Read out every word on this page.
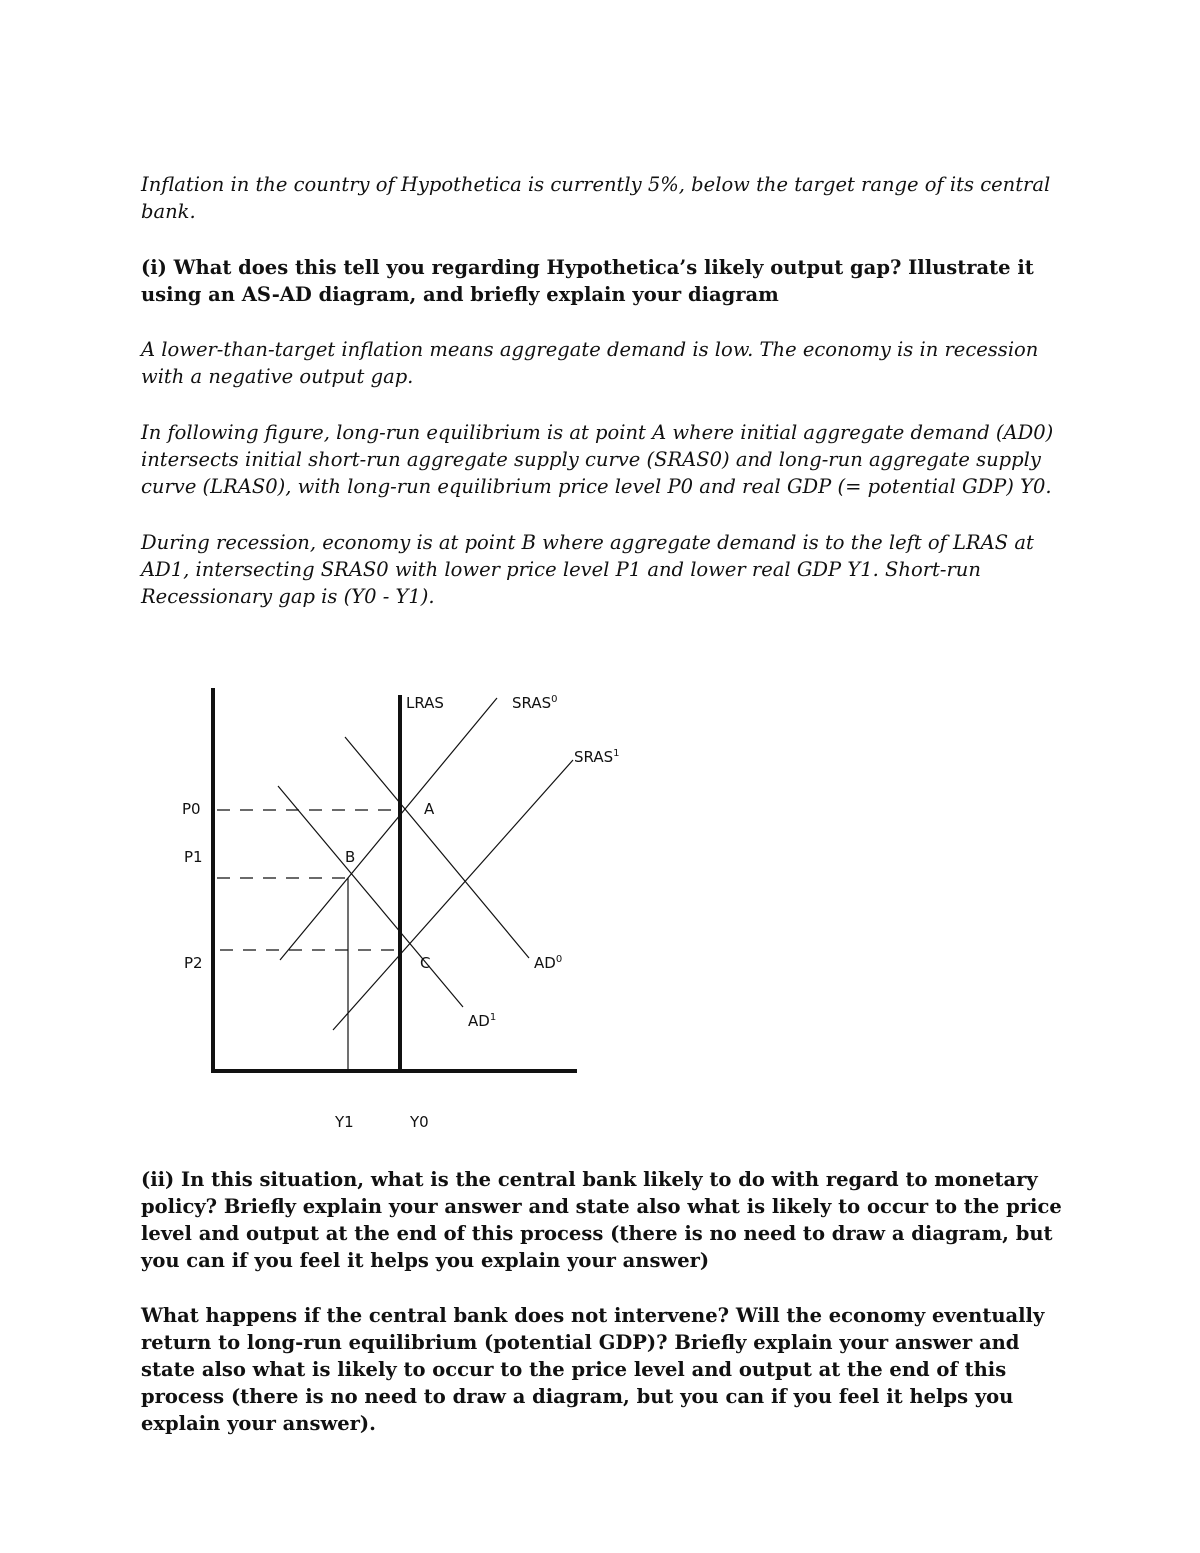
Inflation in the country of Hypothetica is currently 5%, below the target range of its central bank.

(i) What does this tell you regarding Hypothetica’s likely output gap? Illustrate it using an AS-AD diagram, and briefly explain your diagram

A lower-than-target inflation means aggregate demand is low. The economy is in recession with a negative output gap.

In following figure, long-run equilibrium is at point A where initial aggregate demand (AD0) intersects initial short-run aggregate supply curve (SRAS0) and long-run aggregate supply curve (LRAS0), with long-run equilibrium price level P0 and real GDP (= potential GDP) Y0.

During recession, economy is at point B where aggregate demand is to the left of LRAS at AD1, intersecting SRAS0 with lower price level P1 and lower real GDP Y1. Short-run Recessionary gap is (Y0 - Y1).

LRAS	SRAS$^0$
SRAS$^1$
$AD^0$
$AD^1$
A
B
C
P0
P1
P2
Y1	Y0

(ii) In this situation, what is the central bank likely to do with regard to monetary policy? Briefly explain your answer and state also what is likely to occur to the price level and output at the end of this process (there is no need to draw a diagram, but you can if you feel it helps you explain your answer)

What happens if the central bank does not intervene? Will the economy eventually return to long-run equilibrium (potential GDP)? Briefly explain your answer and state also what is likely to occur to the price level and output at the end of this process (there is no need to draw a diagram, but you can if you feel it helps you explain your answer).
